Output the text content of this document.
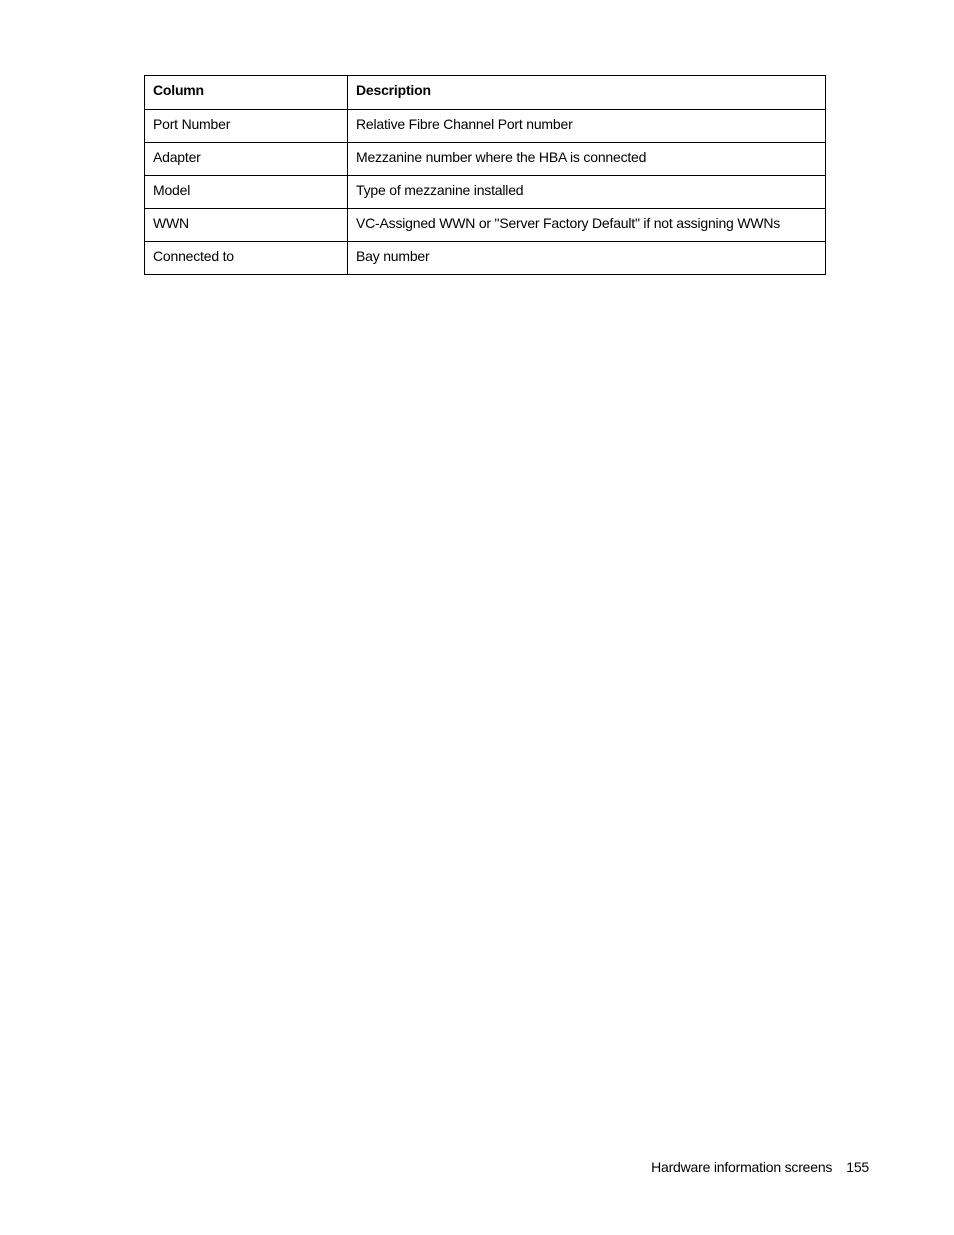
Column	Description
Port Number	Relative Fibre Channel Port number
Adapter	Mezzanine number where the HBA is connected
Model	Type of mezzanine installed
WWN	VC-Assigned WWN or "Server Factory Default" if not assigning WWNs
Connected to	Bay number
Hardware information screens 155
